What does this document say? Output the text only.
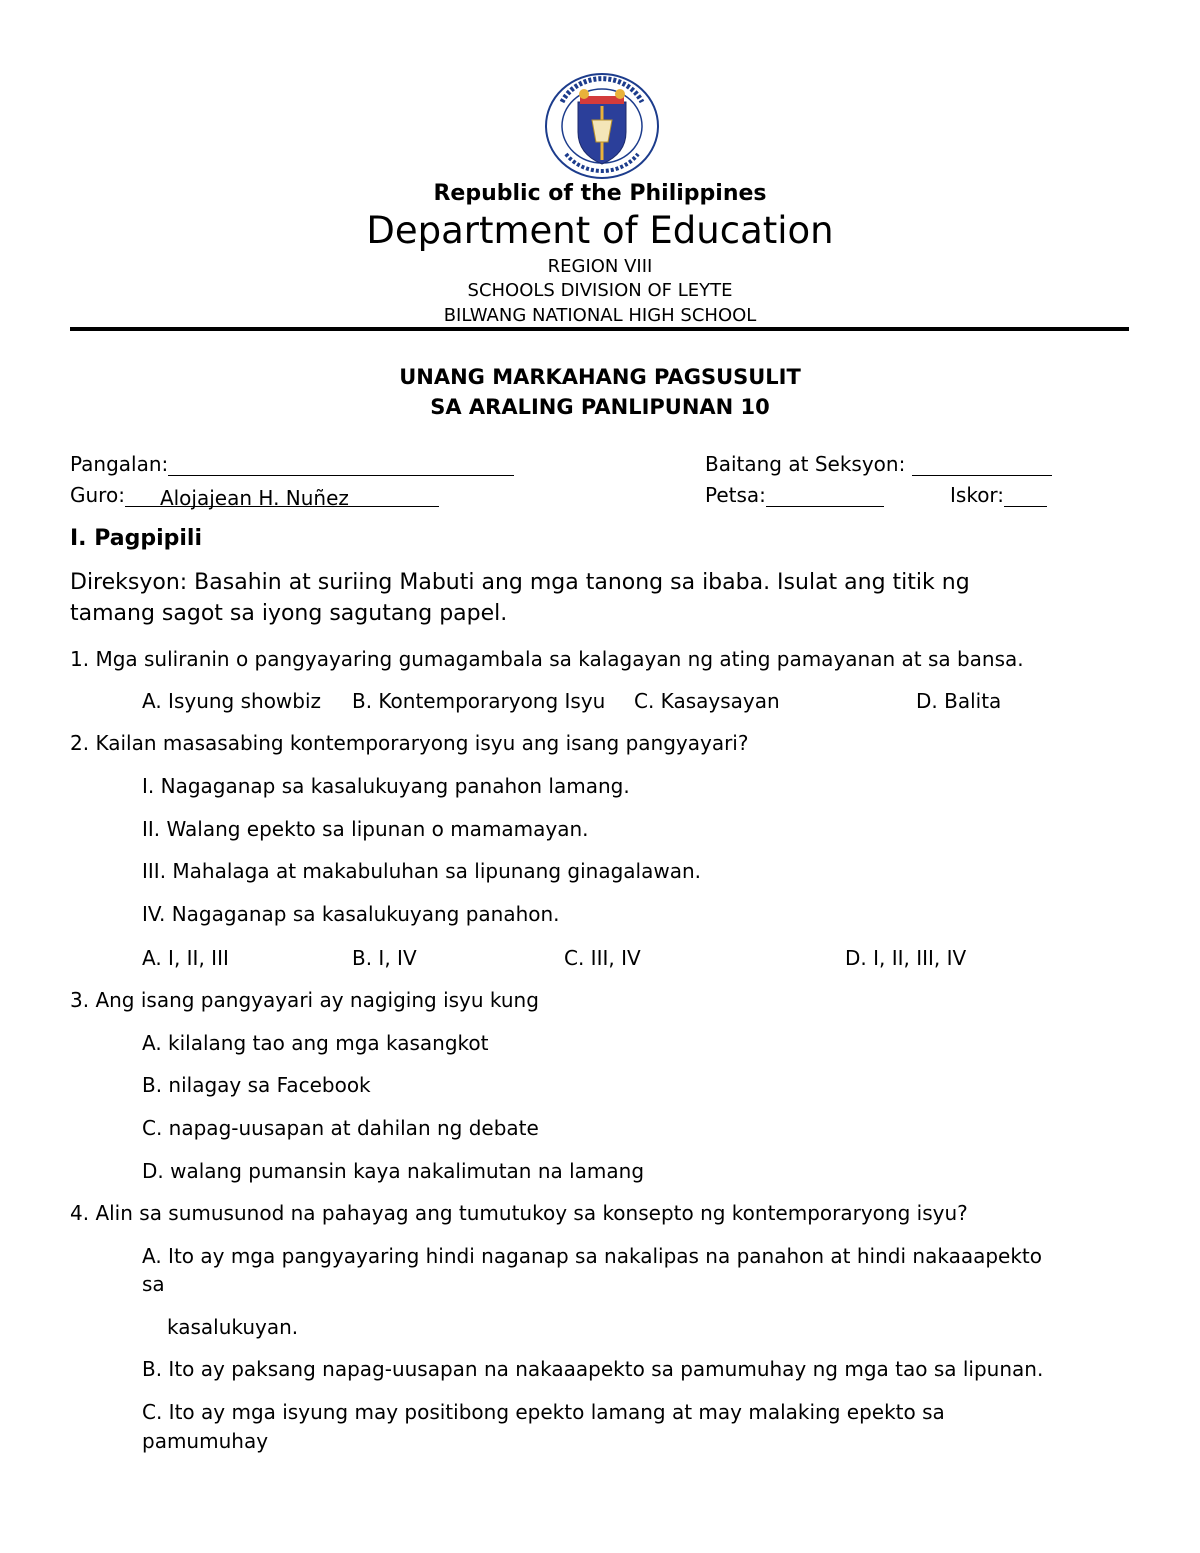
Republic of the Philippines
Department of Education
REGION VIII
SCHOOLS DIVISION OF LEYTE
BILWANG NATIONAL HIGH SCHOOL
UNANG MARKAHANG PAGSUSULIT
SA ARALING PANLIPUNAN 10
Pangalan:	Baitang at Seksyon:
Guro: Alojajean H. Nuñez	Petsa:	Iskor:
I. Pagpipili
Direksyon: Basahin at suriing Mabuti ang mga tanong sa ibaba. Isulat ang titik ng
tamang sagot sa iyong sagutang papel.
1. Mga suliranin o pangyayaring gumagambala sa kalagayan ng ating pamayanan at sa bansa.
A. Isyung showbiz B. Kontemporaryong Isyu C. Kasaysayan	D. Balita
2. Kailan masasabing kontemporaryong isyu ang isang pangyayari?
I. Nagaganap sa kasalukuyang panahon lamang.
II. Walang epekto sa lipunan o mamamayan.
III. Mahalaga at makabuluhan sa lipunang ginagalawan.
IV. Nagaganap sa kasalukuyang panahon.
A. I, II, III	B. I, IV	C. III, IV	D. I, II, III, IV
3. Ang isang pangyayari ay nagiging isyu kung
A. kilalang tao ang mga kasangkot
B. nilagay sa Facebook
C. napag-uusapan at dahilan ng debate
D. walang pumansin kaya nakalimutan na lamang
4. Alin sa sumusunod na pahayag ang tumutukoy sa konsepto ng kontemporaryong isyu?
A. Ito ay mga pangyayaring hindi naganap sa nakalipas na panahon at hindi nakaaapekto
sa
kasalukuyan.
B. Ito ay paksang napag-uusapan na nakaaapekto sa pamumuhay ng mga tao sa lipunan.
C. Ito ay mga isyung may positibong epekto lamang at may malaking epekto sa
pamumuhay
